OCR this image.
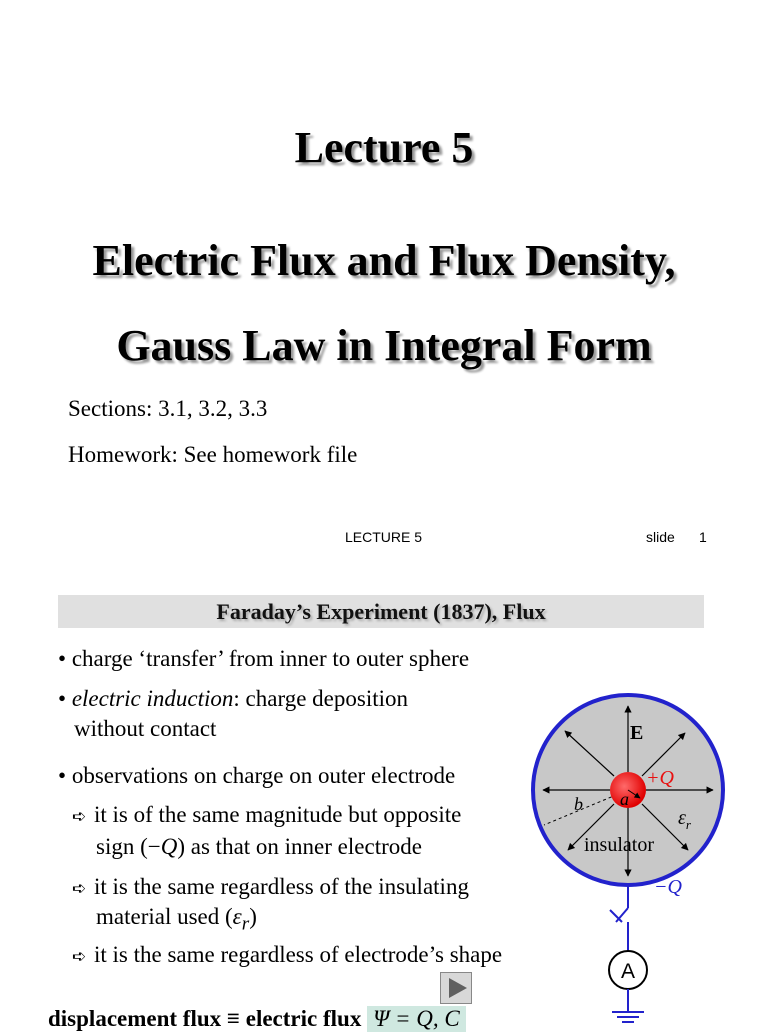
Lecture 5
Electric Flux and Flux Density,
Gauss Law in Integral Form
Sections: 3.1, 3.2, 3.3
Homework: See homework file
LECTURE 5	slide 1
Faraday’s Experiment (1837), Flux
• charge ‘transfer’ from inner to outer sphere
• electric induction: charge deposition
without contact
• observations on charge on outer electrode
➪ it is of the same magnitude but opposite
sign (−Q) as that on inner electrode
➪ it is the same regardless of the insulating
material used $(\varepsilon_r)$
➪ it is the same regardless of electrode’s shape
displacement flux ≡ electric flux Ψ = Q, C
E
+Q
a
b
$\varepsilon_r$
insulator
−Q
A
